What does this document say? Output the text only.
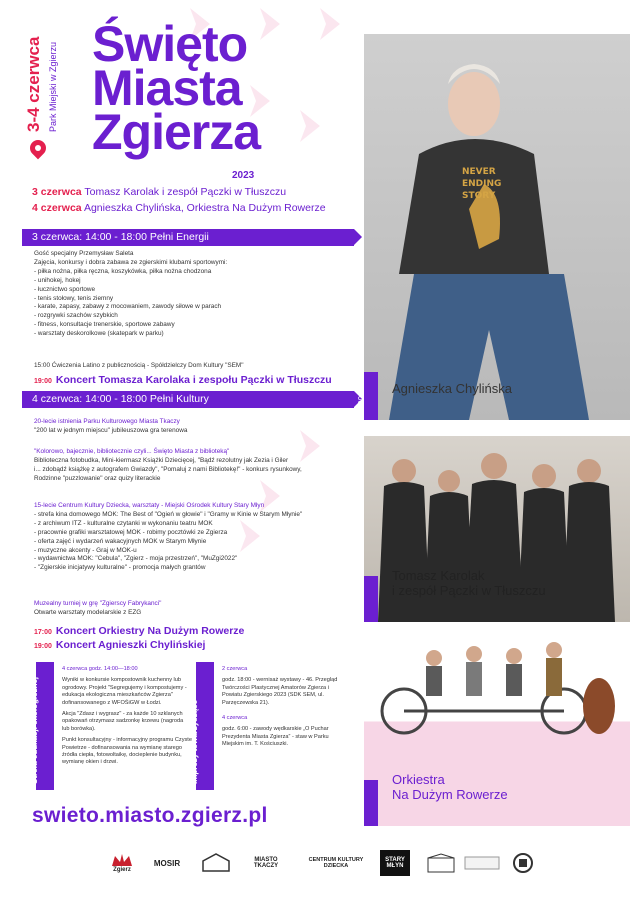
3-4 czerwca Park Miejski w Zgierzu Święto
Miasta
Zgierza
2023
3 czerwca Tomasz Karolak i zespół Pączki w Tłuszczu
4 czerwca Agnieszka Chylińska, Orkiestra Na Dużym Rowerze
3 czerwca: 14:00 - 18:00 Pełni Energii
Gość specjalny Przemysław Saleta
Zajęcia, konkursy i dobra zabawa ze zgierskimi klubami sportowymi:
- piłka nożna, piłka ręczna, koszykówka, piłka nożna chodzona
- unihokej, hokej
- łucznictwo sportowe
- tenis stołowy, tenis ziemny
- karate, zapasy, zabawy z mocowaniem, zawody siłowe w parach
- rozgrywki szachów szybkich
- fitness, konsultacje trenerskie, sportowe zabawy
- warsztaty deskorolkowe (skatepark w parku)
15:00 Ćwiczenia Latino z publicznością - Spółdzielczy Dom Kultury "SEM"
19:00 Koncert Tomasza Karolaka i zespołu Pączki w Tłuszczu
4 czerwca: 14:00 - 18:00 Pełni Kultury
20-lecie istnienia Parku Kulturowego Miasta Tkaczy
"200 lat w jednym miejscu" jubileuszowa gra terenowa
"Kolorowo, bajecznie, bibliotecznie czyli... Święto Miasta z biblioteką"
Biblioteczna fotobudka, Mini-kiermasz Książki Dziecięcej, "Bądź rezolutny jak Zezia i Giler
i... zdobądź książkę z autografem Gwiazdy", "Pomaluj z nami Bibliotekę!" - konkurs rysunkowy,
Rodzinne "puzzlowanie" oraz quizy literackie
15-lecie Centrum Kultury Dziecka, warsztaty - Miejski Ośrodek Kultury Stary Młyn
- strefa kina domowego MOK: The Best of "Ogień w głowie" i "Gramy w Kinie w Starym Młynie"
- z archiwum ITZ - kulturalne czytanki w wykonaniu teatru MOK
- pracownie grafiki warsztatowej MOK - robimy pocztówki ze Zgierza
- oferta zajęć i wydarzeń wakacyjnych MOK w Starym Młynie
- muzyczne akcenty - Graj w MOK-u
- wydawnictwa MOK: "Cebula", "Zgierz - moja przestrzeń", "MuZgi2022"
- "Zgierskie inicjatywy kulturalne" - promocja małych grantów
Muzealny turniej w grę "Zgierscy Fabrykanci"
Otwarte warsztaty modelarskie z EZG
17:00 Koncert Orkiestry Na Dużym Rowerze
19:00 Koncert Agnieszki Chylińskiej
Strefa edukacji ekologicznej
4 czerwca godz. 14:00—18:00
Wyniki w konkursie kompostownik kuchenny lub ogrodowy. Projekt "Segregujemy i kompostujemy - edukacja ekologiczna mieszkańców Zgierza" dofinansowanego z WFOŚiGW w Łodzi.
Akcja "Zdasz i wygrasz" - za każde 10 szklanych opakowań otrzymasz sadzonkę krzewu (nagroda lub borówka).
Punkt konsultacyjny - informacyjny programu Czyste Powietrze - dofinansowania na wymianę starego źródła ciepła, fotowoltaikę, docieplenie budynku, wymianę okien i drzwi.	Imprezy towarzyszące
2 czerwca
godz. 18:00 - wernisaż wystawy - 46. Przegląd Twórczości Plastycznej Amatorów Zgierza i Powiatu Zgierskiego 2023 (SDK SEM, ul. Parzęczewska 21).
4 czerwca
godz. 6:00 - zawody wędkarskie „O Puchar Prezydenta Miasta Zgierza” - staw w Parku Miejskim im. T. Kościuszki.
NEVER
ENDING
STORY
19:00
Agnieszka Chylińska
19:00
Tomasz Karolak
i zespół Pączki w Tłuszczu
17:00
Orkiestra
Na Dużym Rowerze
swieto.miasto.zgierz.pl
Zgierz
MOSIR	MIASTO TKACZY
CENTRUM KULTURY DZIECKA
STARY MŁYN
